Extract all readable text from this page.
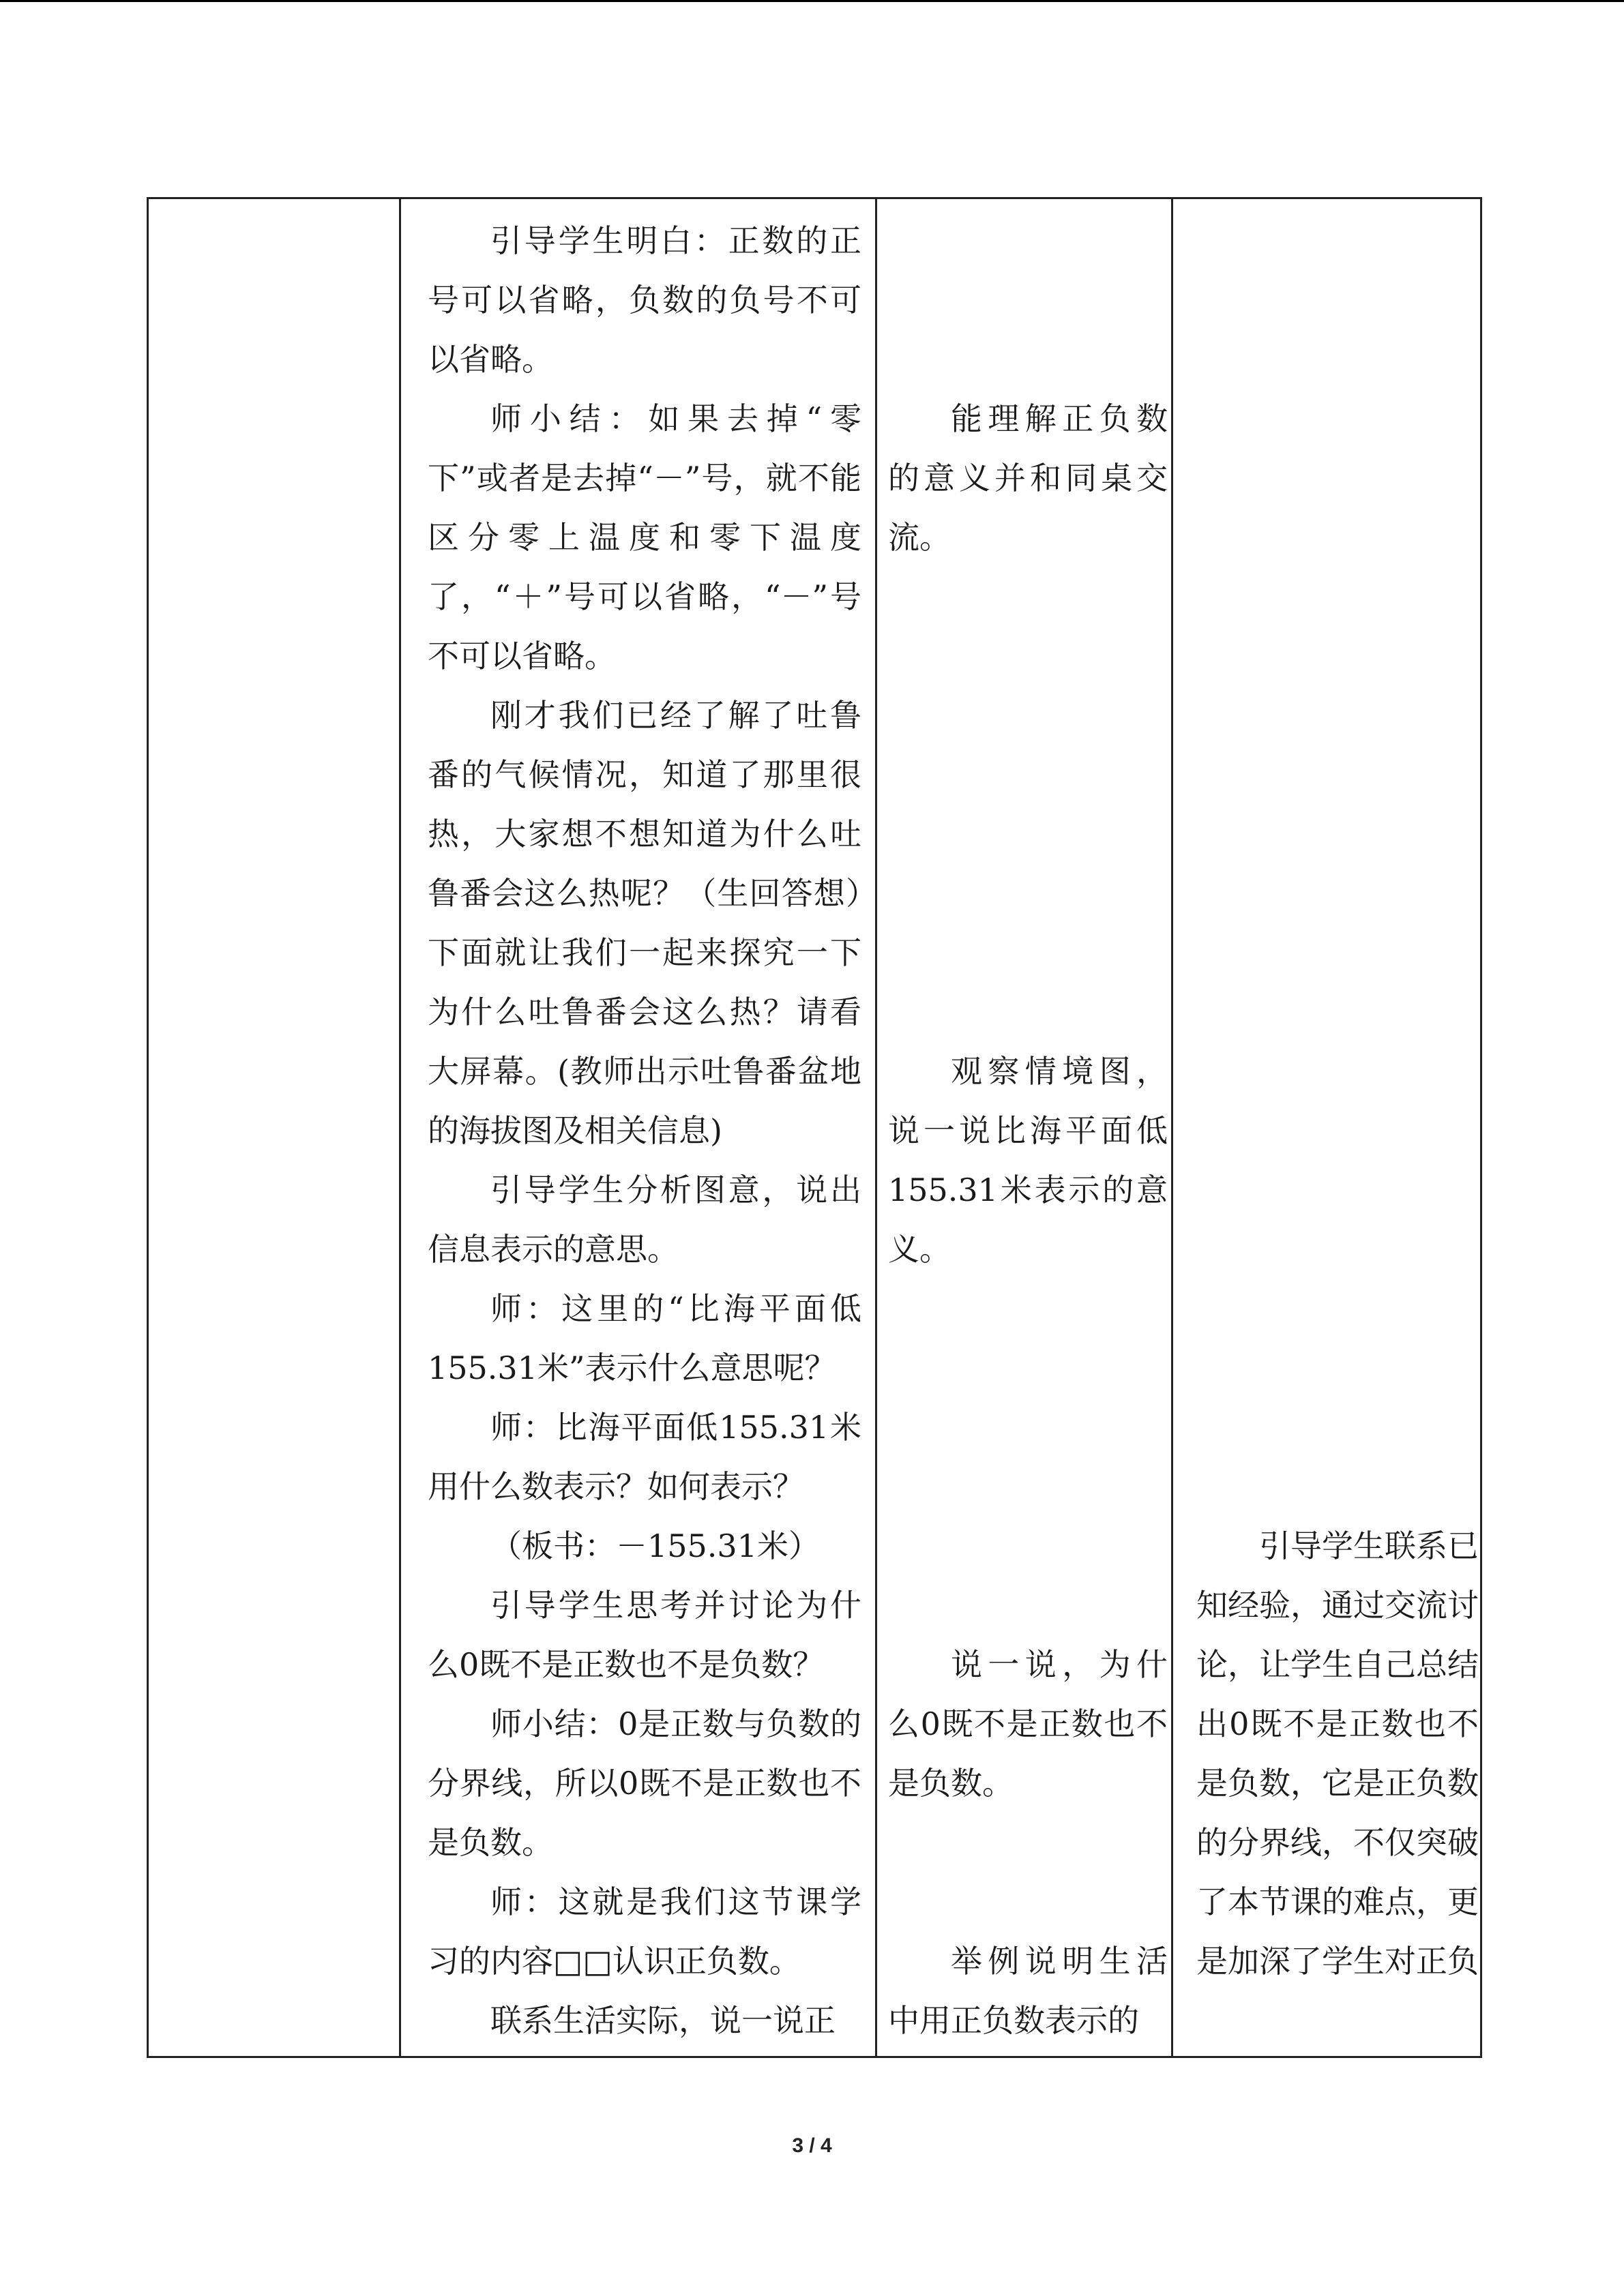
引导学生明白：正数的正号可以省略，负数的负号不可以省略。

师小结：如果去掉“零下”或者是去掉“－”号，就不能区分零上温度和零下温度了，“＋”号可以省略，“－”号不可以省略。

刚才我们已经了解了吐鲁番的气候情况，知道了那里很热，大家想不想知道为什么吐鲁番会这么热呢？（生回答想）下面就让我们一起来探究一下为什么吐鲁番会这么热？请看大屏幕。(教师出示吐鲁番盆地的海拔图及相关信息)

引导学生分析图意，说出信息表示的意思。

师：这里的“比海平面低155.31米”表示什么意思呢？

师：比海平面低155.31米用什么数表示？如何表示？

（板书：－155.31米）

引导学生思考并讨论为什么0既不是正数也不是负数？

师小结：0是正数与负数的分界线，所以0既不是正数也不是负数。

师：这就是我们这节课学习的内容□□认识正负数。

联系生活实际，说一说正

能理解正负数的意义并和同桌交流。

观察情境图，说一说比海平面低155.31米表示的意义。

说一说，为什么0既不是正数也不是负数。

举例说明生活中用正负数表示的

引导学生联系已知经验，通过交流讨论，让学生自己总结出0既不是正数也不是负数，它是正负数的分界线，不仅突破了本节课的难点，更是加深了学生对正负

3 / 4
